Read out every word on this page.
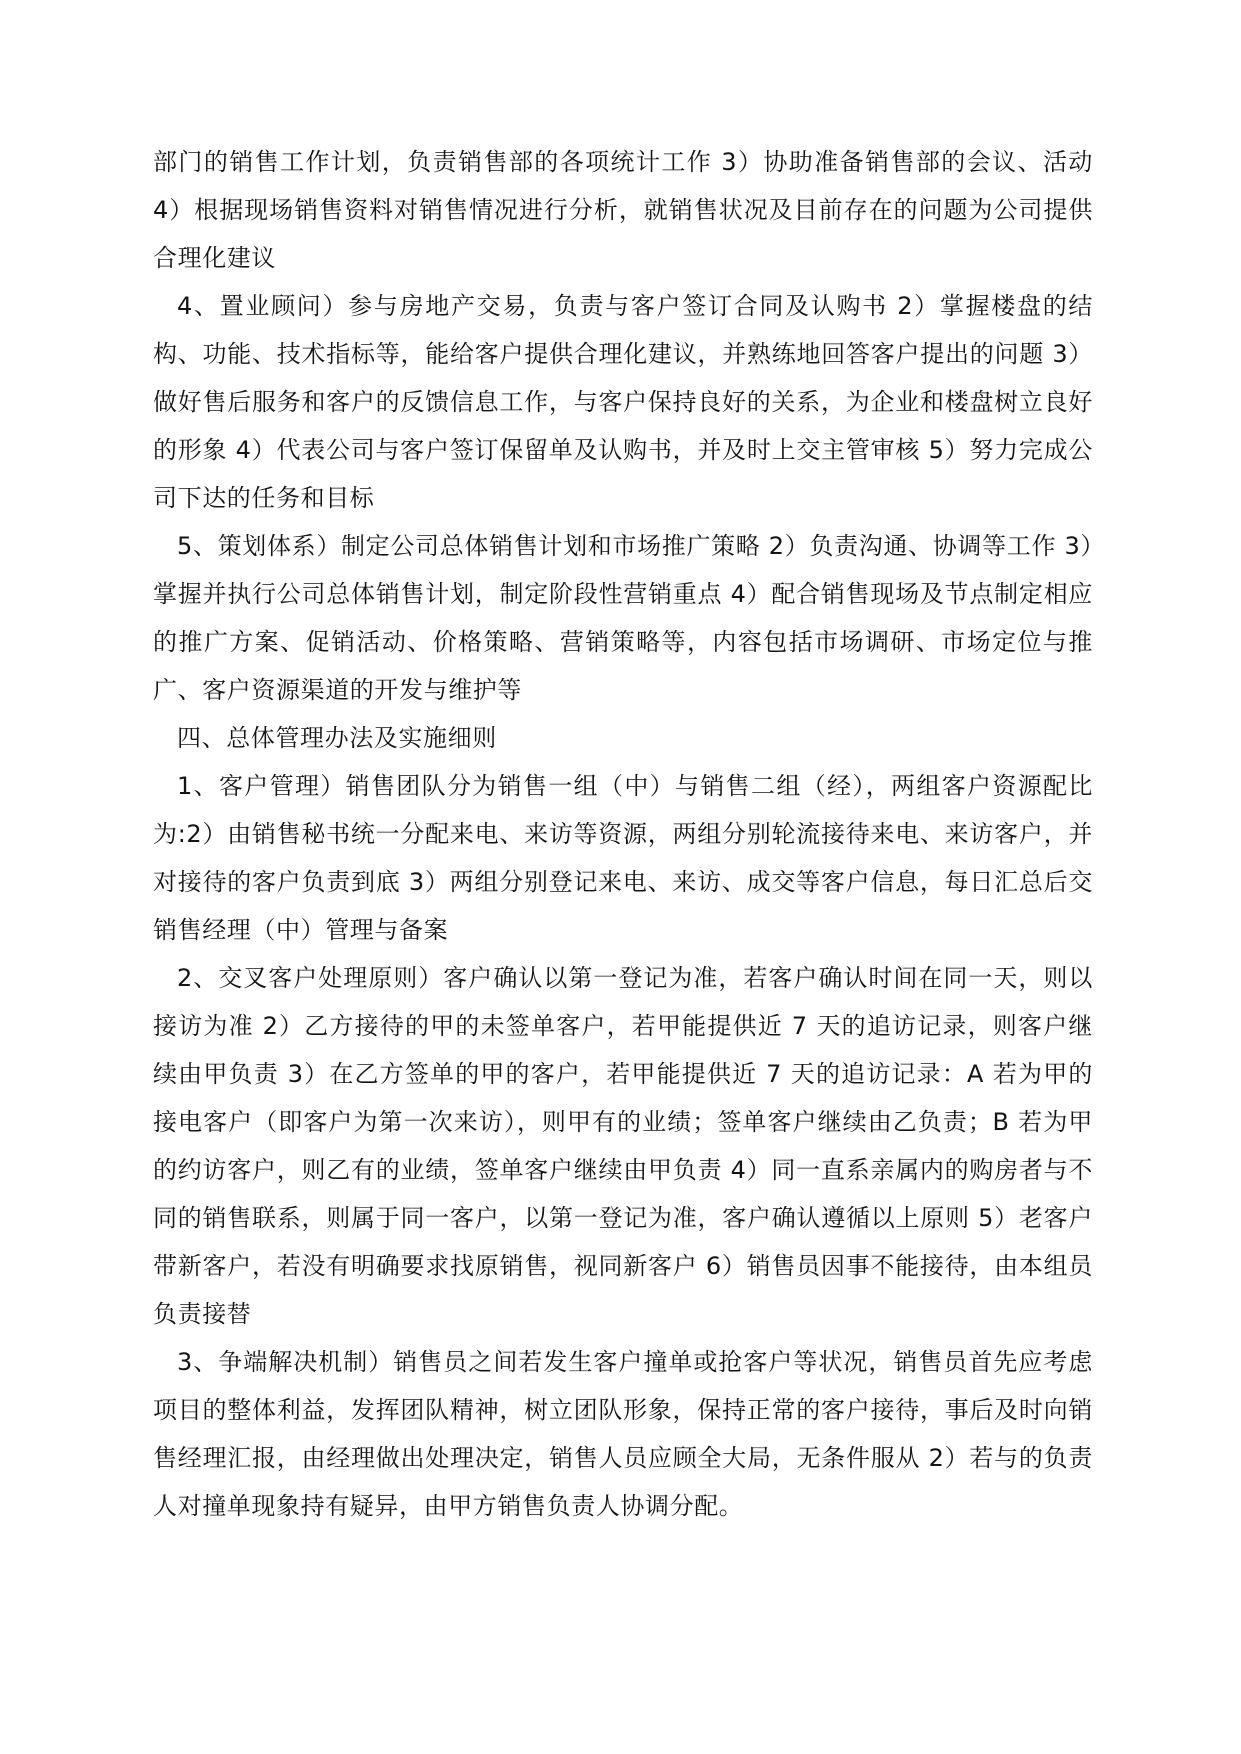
部门的销售工作计划，负责销售部的各项统计工作 3）协助准备销售部的会议、活动 4）根据现场销售资料对销售情况进行分析，就销售状况及目前存在的问题为公司提供合理化建议

4、置业顾问）参与房地产交易，负责与客户签订合同及认购书 2）掌握楼盘的结构、功能、技术指标等，能给客户提供合理化建议，并熟练地回答客户提出的问题 3）做好售后服务和客户的反馈信息工作，与客户保持良好的关系，为企业和楼盘树立良好的形象 4）代表公司与客户签订保留单及认购书，并及时上交主管审核 5）努力完成公司下达的任务和目标

5、策划体系）制定公司总体销售计划和市场推广策略 2）负责沟通、协调等工作 3）掌握并执行公司总体销售计划，制定阶段性营销重点 4）配合销售现场及节点制定相应的推广方案、促销活动、价格策略、营销策略等，内容包括市场调研、市场定位与推广、客户资源渠道的开发与维护等

四、总体管理办法及实施细则

1、客户管理）销售团队分为销售一组（中）与销售二组（经），两组客户资源配比为:2）由销售秘书统一分配来电、来访等资源，两组分别轮流接待来电、来访客户，并对接待的客户负责到底 3）两组分别登记来电、来访、成交等客户信息，每日汇总后交销售经理（中）管理与备案

2、交叉客户处理原则）客户确认以第一登记为准，若客户确认时间在同一天，则以接访为准 2）乙方接待的甲的未签单客户，若甲能提供近 7 天的追访记录，则客户继续由甲负责 3）在乙方签单的甲的客户，若甲能提供近 7 天的追访记录：A 若为甲的接电客户（即客户为第一次来访），则甲有的业绩；签单客户继续由乙负责；B 若为甲的约访客户，则乙有的业绩，签单客户继续由甲负责 4）同一直系亲属内的购房者与不同的销售联系，则属于同一客户，以第一登记为准，客户确认遵循以上原则 5）老客户带新客户，若没有明确要求找原销售，视同新客户 6）销售员因事不能接待，由本组员负责接替

3、争端解决机制）销售员之间若发生客户撞单或抢客户等状况，销售员首先应考虑项目的整体利益，发挥团队精神，树立团队形象，保持正常的客户接待，事后及时向销售经理汇报，由经理做出处理决定，销售人员应顾全大局，无条件服从 2）若与的负责人对撞单现象持有疑异，由甲方销售负责人协调分配。
